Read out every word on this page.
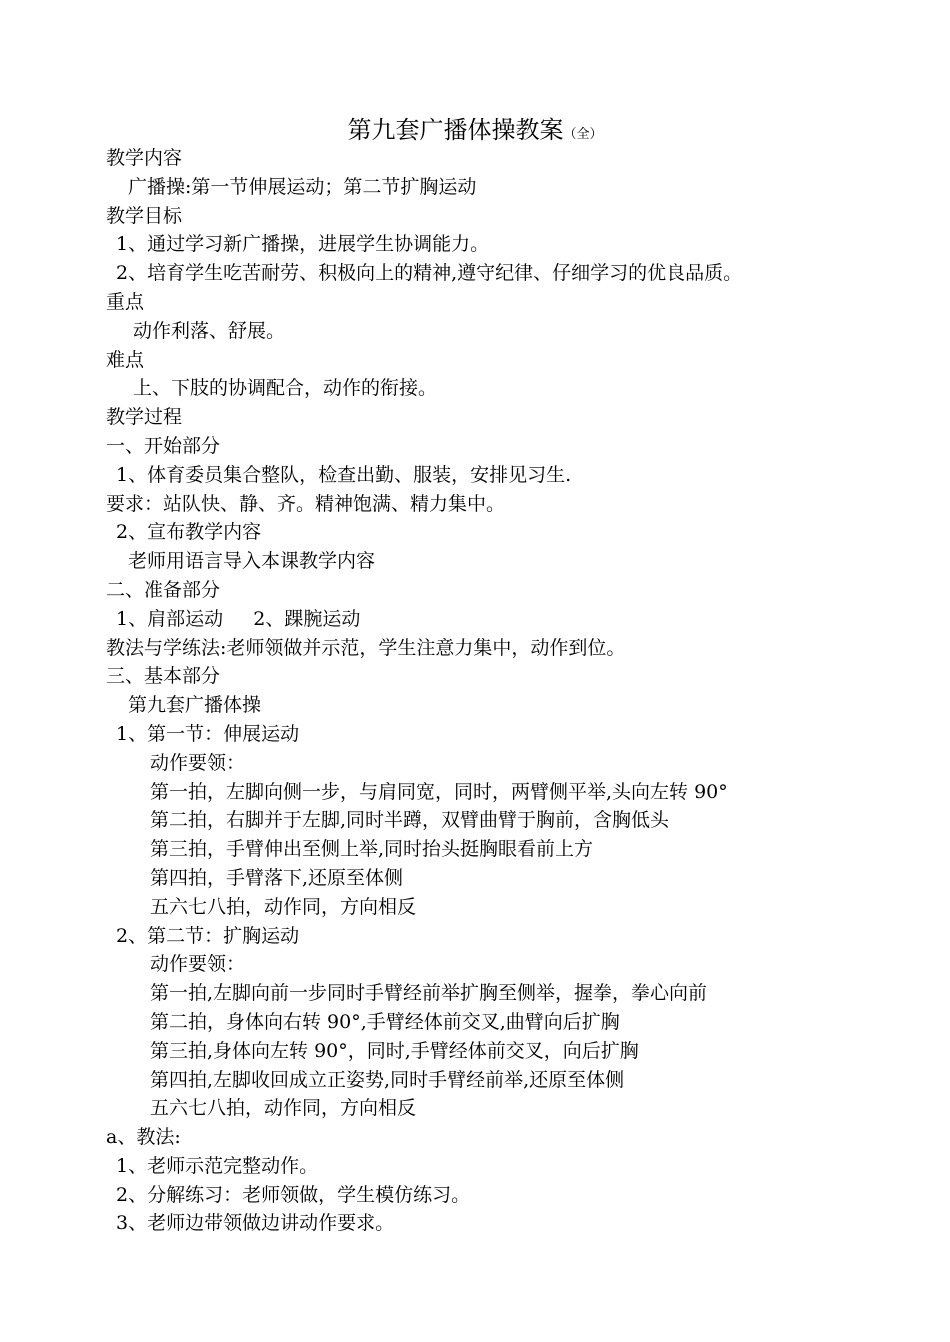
第九套广播体操教案（全）
教学内容
广播操:第一节伸展运动；第二节扩胸运动
教学目标
1、通过学习新广播操，进展学生协调能力。
2、培育学生吃苦耐劳、积极向上的精神,遵守纪律、仔细学习的优良品质。
重点
动作利落、舒展。
难点
上、下肢的协调配合，动作的衔接。
教学过程
一、开始部分
1、体育委员集合整队，检查出勤、服装，安排见习生.
要求：站队快、静、齐。精神饱满、精力集中。
2、宣布教学内容
老师用语言导入本课教学内容
二、准备部分
1、肩部运动     2、踝腕运动
教法与学练法:老师领做并示范，学生注意力集中，动作到位。
三、基本部分
第九套广播体操
1、第一节：伸展运动
动作要领：
第一拍，左脚向侧一步，与肩同宽，同时，两臂侧平举,头向左转 90°
第二拍，右脚并于左脚,同时半蹲，双臂曲臂于胸前，含胸低头
第三拍，手臂伸出至侧上举,同时抬头挺胸眼看前上方
第四拍，手臂落下,还原至体侧
五六七八拍，动作同，方向相反
2、第二节：扩胸运动
动作要领：
第一拍,左脚向前一步同时手臂经前举扩胸至侧举，握拳，拳心向前
第二拍，身体向右转 90°,手臂经体前交叉,曲臂向后扩胸
第三拍,身体向左转 90°，同时,手臂经体前交叉，向后扩胸
第四拍,左脚收回成立正姿势,同时手臂经前举,还原至体侧
五六七八拍，动作同，方向相反
a、教法:
1、老师示范完整动作。
2、分解练习：老师领做，学生模仿练习。
3、老师边带领做边讲动作要求。
